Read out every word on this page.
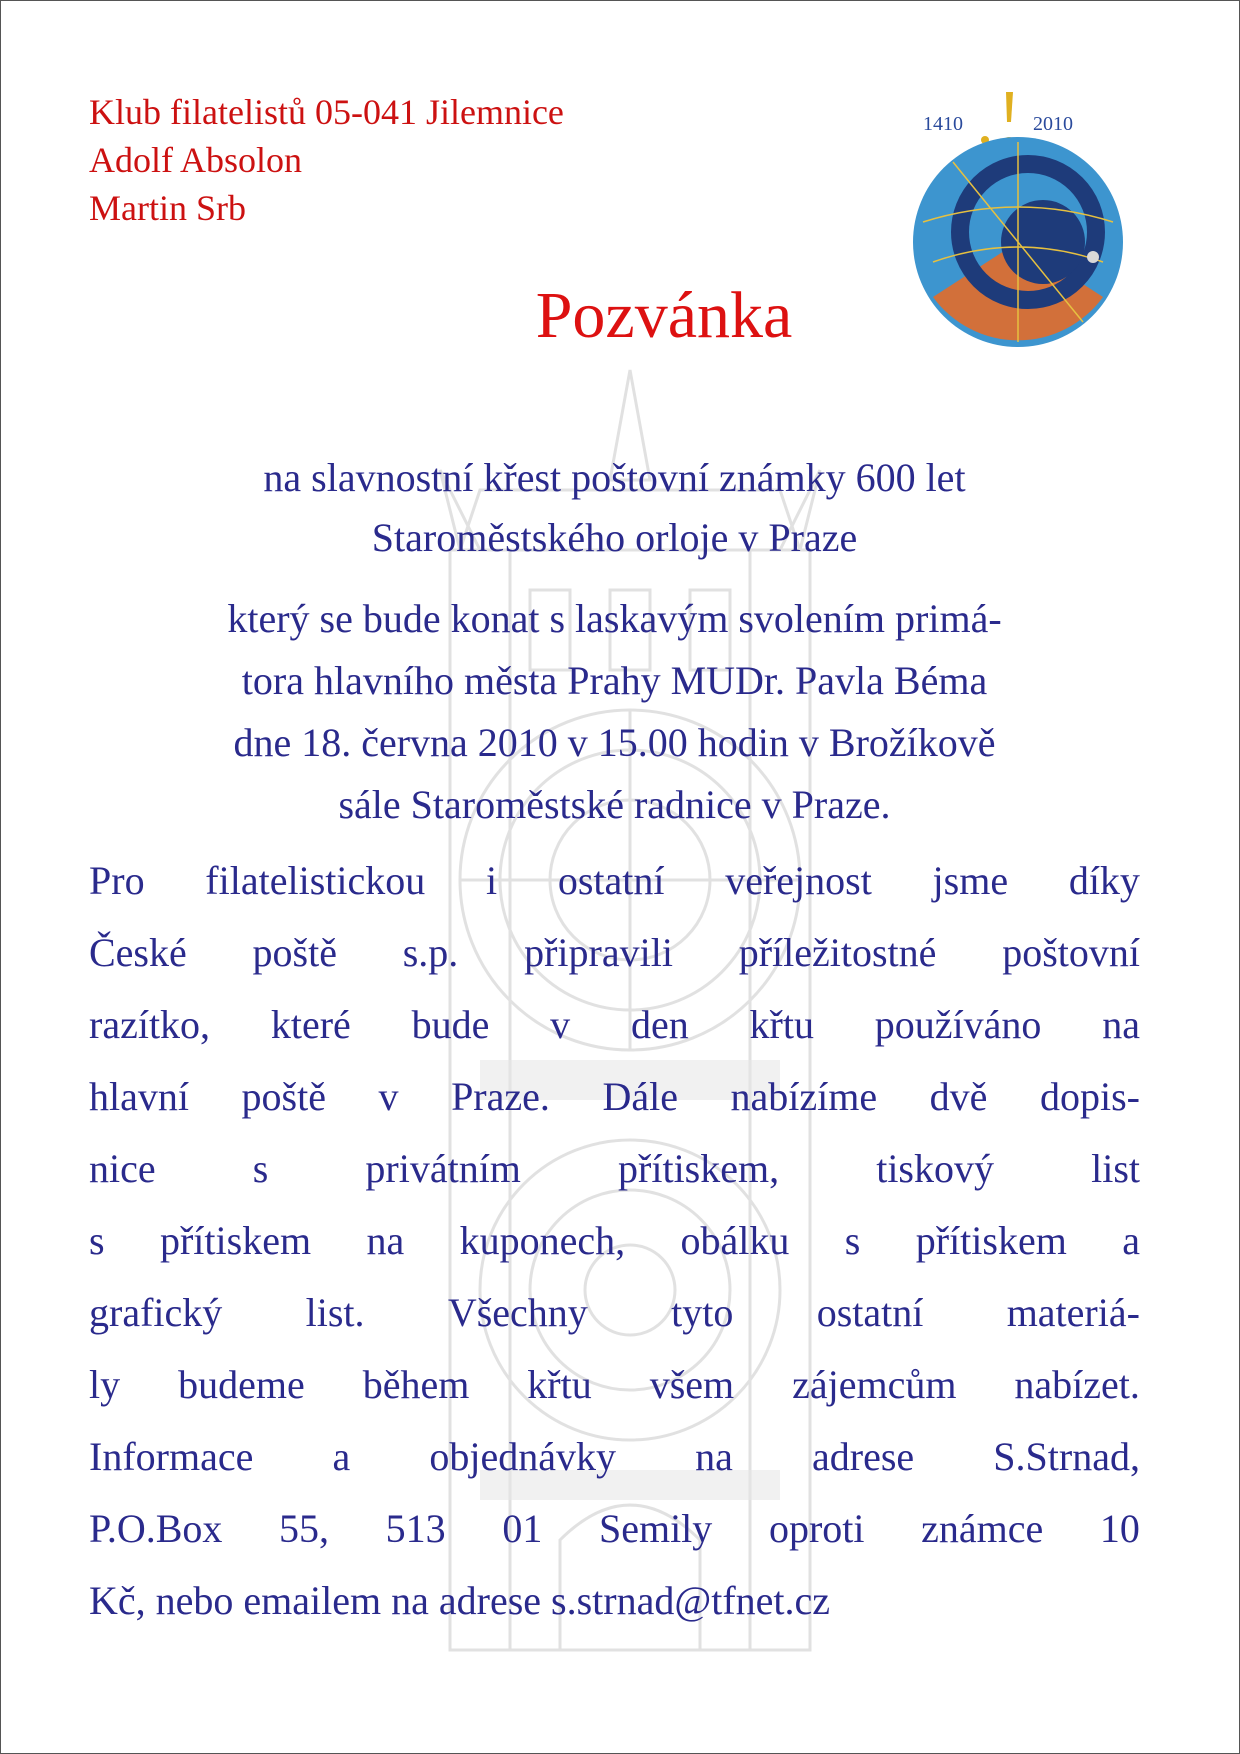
Klub filatelistů 05-041 Jilemnice
Adolf Absolon
Martin Srb
1410	2010
Pozvánka
na slavnostní křest poštovní známky 600 let
Staroměstského orloje v Praze
který se bude konat s laskavým svolením primá-
tora hlavního města Prahy MUDr. Pavla Béma
dne 18. června 2010 v 15.00 hodin v Brožíkově
sále Staroměstské radnice v Praze.
Pro filatelistickou i ostatní veřejnost jsme díky
České poště s.p. připravili příležitostné poštovní
razítko, které bude v den křtu používáno na
hlavní poště v Praze. Dále nabízíme dvě dopis-
nice s privátním přítiskem, tiskový list
s přítiskem na kuponech, obálku s přítiskem a
grafický list. Všechny tyto ostatní materiá-
ly budeme během křtu všem zájemcům nabízet.
Informace a objednávky na adrese S.Strnad,
P.O.Box 55, 513 01 Semily oproti známce 10
Kč, nebo emailem na adrese s.strnad@tfnet.cz
